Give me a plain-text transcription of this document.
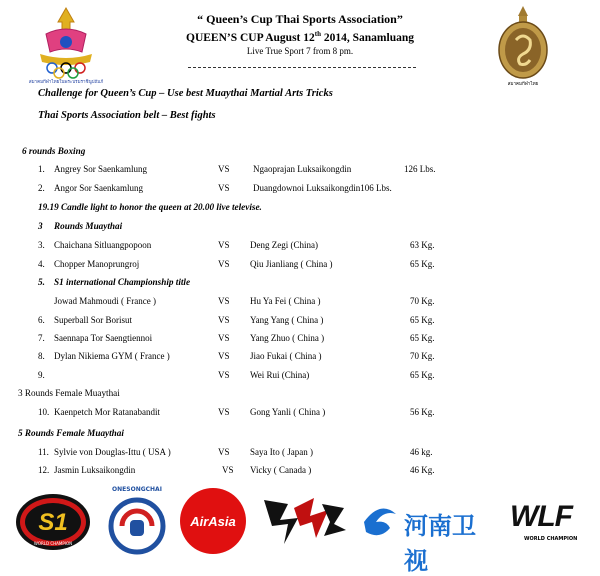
สมาคมกีฬาไทยในพระบรมราชินูปถัมภ์	สมาคมกีฬาไทย
“ Queen’s Cup Thai Sports Association”
QUEEN’S CUP August 12th 2014, Sanamluang
Live True Sport 7 from 8 pm.
Challenge for Queen’s Cup – Use best Muaythai Martial Arts Tricks
Thai Sports Association belt – Best fights
6 rounds Boxing
19.19 Candle light to honor the queen at 20.00 live televise.
3 Rounds Muaythai
5. S1 international Championship title
3 Rounds Female Muaythai
5 Rounds Female Muaythai
1. Angrey Sor Saenkamlung	VS	Ngaoprajan Luksaikongdin	126 Lbs.
2. Angor Sor Saenkamlung	VS	Duangdownoi Luksaikongdin106 Lbs.
3. Chaichana Sitluangpopoon	VS Deng Zegi (China)	63 Kg.
4. Chopper Manoprungroj	VS Qiu Jianliang ( China )	65 Kg.
Jowad Mahmoudi ( France )	VS Hu Ya Fei ( China )	70 Kg.
6. Superball Sor Borisut	VS Yang Yang ( China )	65 Kg.
7. Saennapa Tor Saengtiennoi	VS Yang Zhuo ( China )	65 Kg.
8. Dylan Nikiema GYM ( France )	VS Jiao Fukai ( China )	70 Kg.
9.	VS Wei Rui (China)	65 Kg.
10. Kaenpetch Mor Ratanabandit	VS Gong Yanli ( China )	56 Kg.
11. Sylvie von Douglas-Ittu ( USA )	VS Saya Ito ( Japan )	46 kg.
12. Jasmin Luksaikongdin	VS Vicky ( Canada )	46 Kg.
S1
WORLD CHAMPION
ONESONGCHAI
AirAsia	河南卫视
WLF
WORLD CHAMPION
